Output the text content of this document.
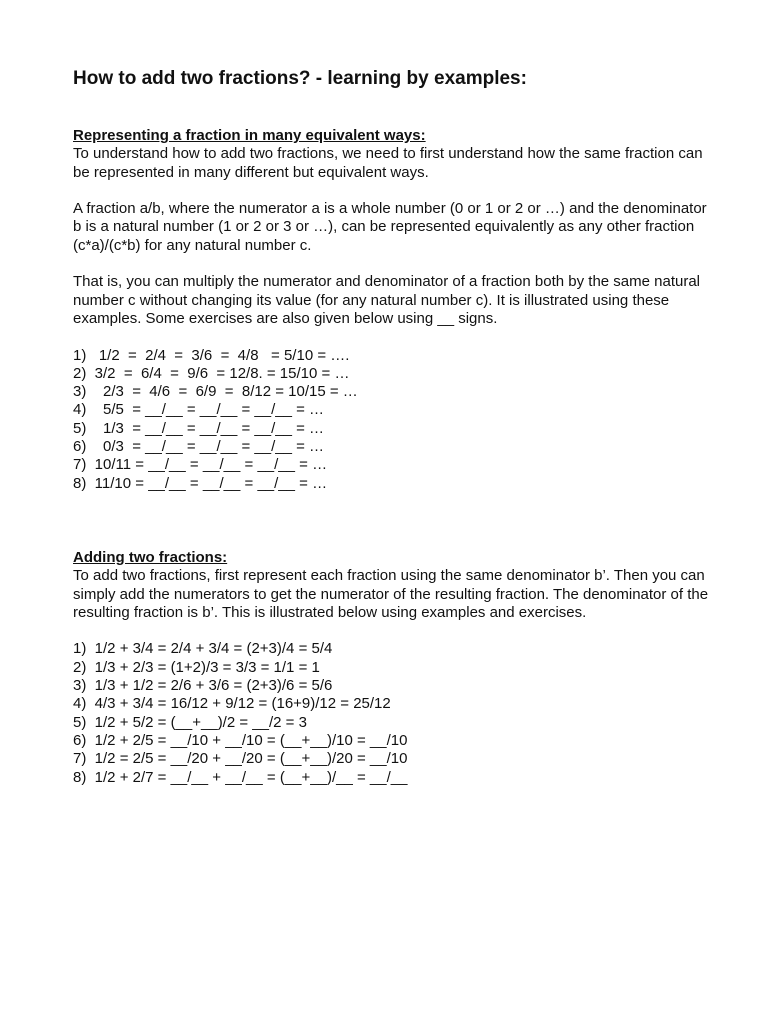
How to add two fractions? - learning by examples:

Representing a fraction in many equivalent ways:

To understand how to add two fractions, we need to first understand how the same fraction can be represented in many different but equivalent ways.

A fraction a/b, where the numerator a is a whole number (0 or 1 or 2 or …) and the denominator b is a natural number (1 or 2 or 3 or …), can be represented equivalently as any other fraction (c*a)/(c*b) for any natural number c.

That is, you can multiply the numerator and denominator of a fraction both by the same natural number c without changing its value (for any natural number c). It is illustrated using these examples. Some exercises are also given below using __ signs.

1)   1/2  =  2/4  =  3/6  =  4/8   = 5/10 = ….
2)  3/2  =  6/4  =  9/6  = 12/8. = 15/10 = …
3)    2/3  =  4/6  =  6/9  =  8/12 = 10/15 = …
4)    5/5  = __/__ = __/__ = __/__ = …
5)    1/3  = __/__ = __/__ = __/__ = …
6)    0/3  = __/__ = __/__ = __/__ = …
7)  10/11 = __/__ = __/__ = __/__ = …
8)  11/10 = __/__ = __/__ = __/__ = …

Adding two fractions:

To add two fractions, first represent each fraction using the same denominator b’. Then you can simply add the numerators to get the numerator of the resulting fraction. The denominator of the resulting fraction is b’. This is illustrated below using examples and exercises.

1)  1/2 + 3/4 = 2/4 + 3/4 = (2+3)/4 = 5/4
2)  1/3 + 2/3 = (1+2)/3 = 3/3 = 1/1 = 1
3)  1/3 + 1/2 = 2/6 + 3/6 = (2+3)/6 = 5/6
4)  4/3 + 3/4 = 16/12 + 9/12 = (16+9)/12 = 25/12
5)  1/2 + 5/2 = (__+__)/2 = __/2 = 3
6)  1/2 + 2/5 = __/10 + __/10 = (__+__)/10 = __/10
7)  1/2 = 2/5 = __/20 + __/20 = (__+__)/20 = __/10
8)  1/2 + 2/7 = __/__ + __/__ = (__+__)/__ = __/__
